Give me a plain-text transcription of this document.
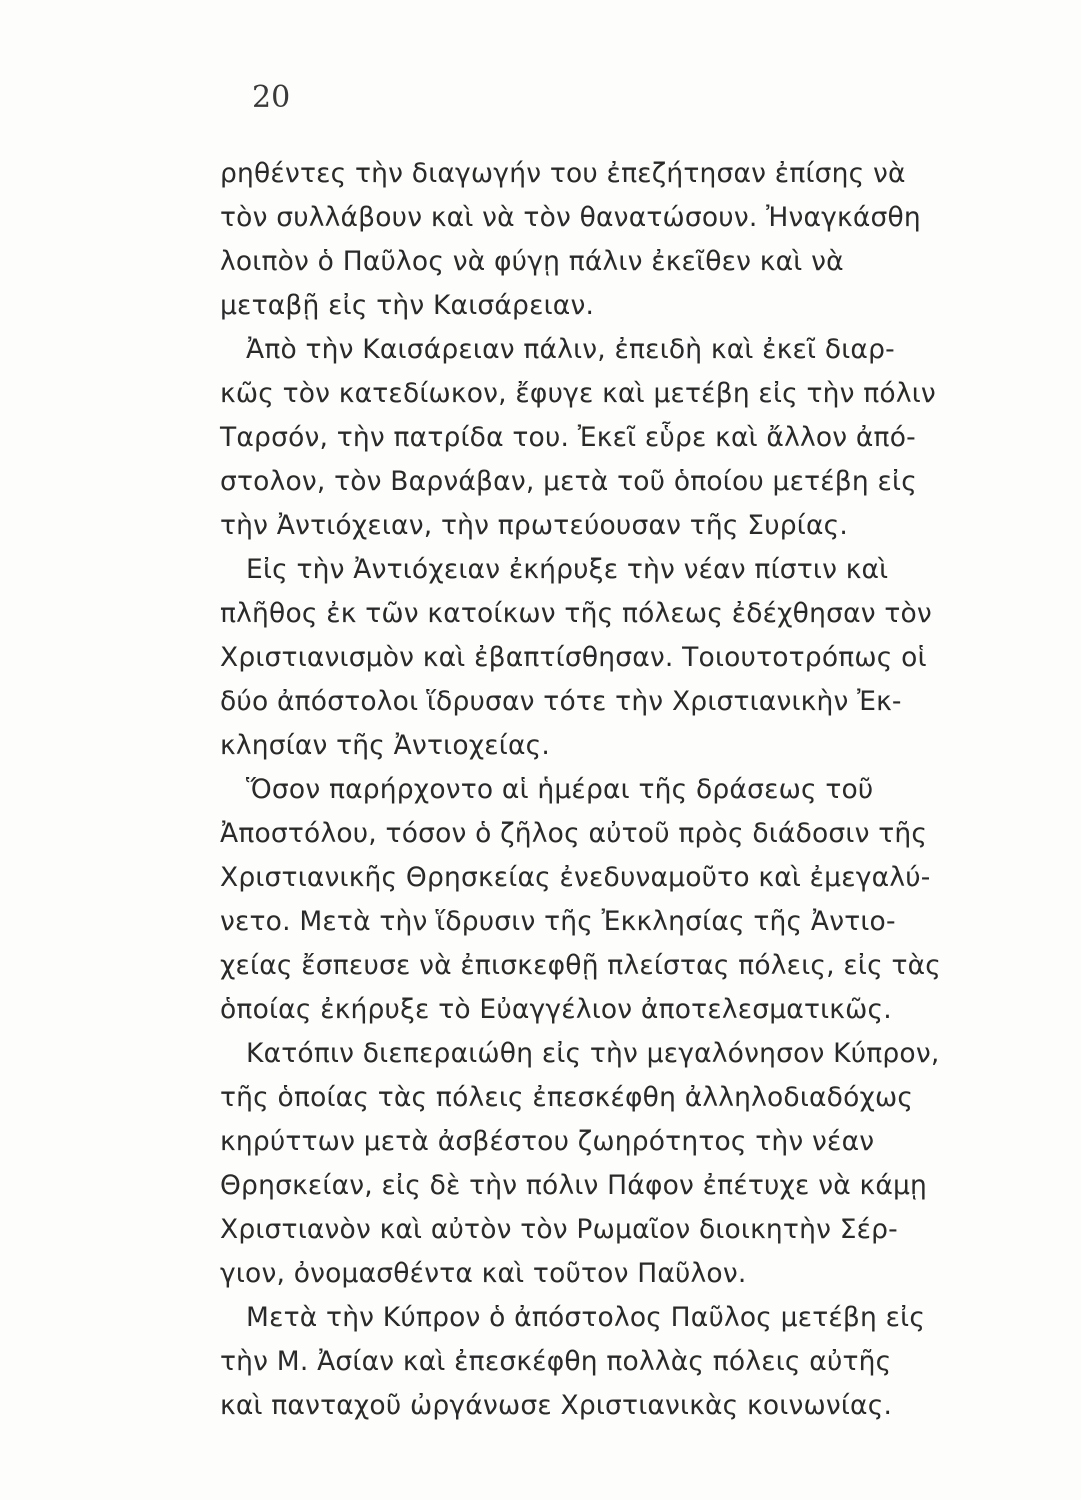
20
ρηθέντες τὴν διαγωγήν του ἐπεζήτησαν ἐπίσης νὰ
τὸν συλλάβουν καὶ νὰ τὸν θανατώσουν. Ἠναγκάσθη
λοιπὸν ὁ Παῦλος νὰ φύγῃ πάλιν ἐκεῖθεν καὶ νὰ
μεταβῇ εἰς τὴν Καισάρειαν.
Ἀπὸ τὴν Καισάρειαν πάλιν, ἐπειδὴ καὶ ἐκεῖ διαρ-
κῶς τὸν κατεδίωκον, ἔφυγε καὶ μετέβη εἰς τὴν πόλιν
Ταρσόν, τὴν πατρίδα του. Ἐκεῖ εὗρε καὶ ἄλλον ἀπό-
στολον, τὸν Βαρνάβαν, μετὰ τοῦ ὁποίου μετέβη εἰς
τὴν Ἀντιόχειαν, τὴν πρωτεύουσαν τῆς Συρίας.
Εἰς τὴν Ἀντιόχειαν ἐκήρυξε τὴν νέαν πίστιν καὶ
πλῆθος ἐκ τῶν κατοίκων τῆς πόλεως ἐδέχθησαν τὸν
Χριστιανισμὸν καὶ ἐβαπτίσθησαν. Τοιουτοτρόπως οἱ
δύο ἀπόστολοι ἵδρυσαν τότε τὴν Χριστιανικὴν Ἐκ-
κλησίαν τῆς Ἀντιοχείας.
Ὅσον παρήρχοντο αἱ ἡμέραι τῆς δράσεως τοῦ
Ἀποστόλου, τόσον ὁ ζῆλος αὐτοῦ πρὸς διάδοσιν τῆς
Χριστιανικῆς Θρησκείας ἐνεδυναμοῦτο καὶ ἐμεγαλύ-
νετο. Μετὰ τὴν ἵδρυσιν τῆς Ἐκκλησίας τῆς Ἀντιο-
χείας ἔσπευσε νὰ ἐπισκεφθῇ πλείστας πόλεις, εἰς τὰς
ὁποίας ἐκήρυξε τὸ Εὐαγγέλιον ἀποτελεσματικῶς.
Κατόπιν διεπεραιώθη εἰς τὴν μεγαλόνησον Κύπρον,
τῆς ὁποίας τὰς πόλεις ἐπεσκέφθη ἀλληλοδιαδόχως
κηρύττων μετὰ ἀσβέστου ζωηρότητος τὴν νέαν
Θρησκείαν, εἰς δὲ τὴν πόλιν Πάφον ἐπέτυχε νὰ κάμῃ
Χριστιανὸν καὶ αὐτὸν τὸν Ρωμαῖον διοικητὴν Σέρ-
γιον, ὀνομασθέντα καὶ τοῦτον Παῦλον.
Μετὰ τὴν Κύπρον ὁ ἀπόστολος Παῦλος μετέβη εἰς
τὴν Μ. Ἀσίαν καὶ ἐπεσκέφθη πολλὰς πόλεις αὐτῆς
καὶ πανταχοῦ ὠργάνωσε Χριστιανικὰς κοινωνίας.
